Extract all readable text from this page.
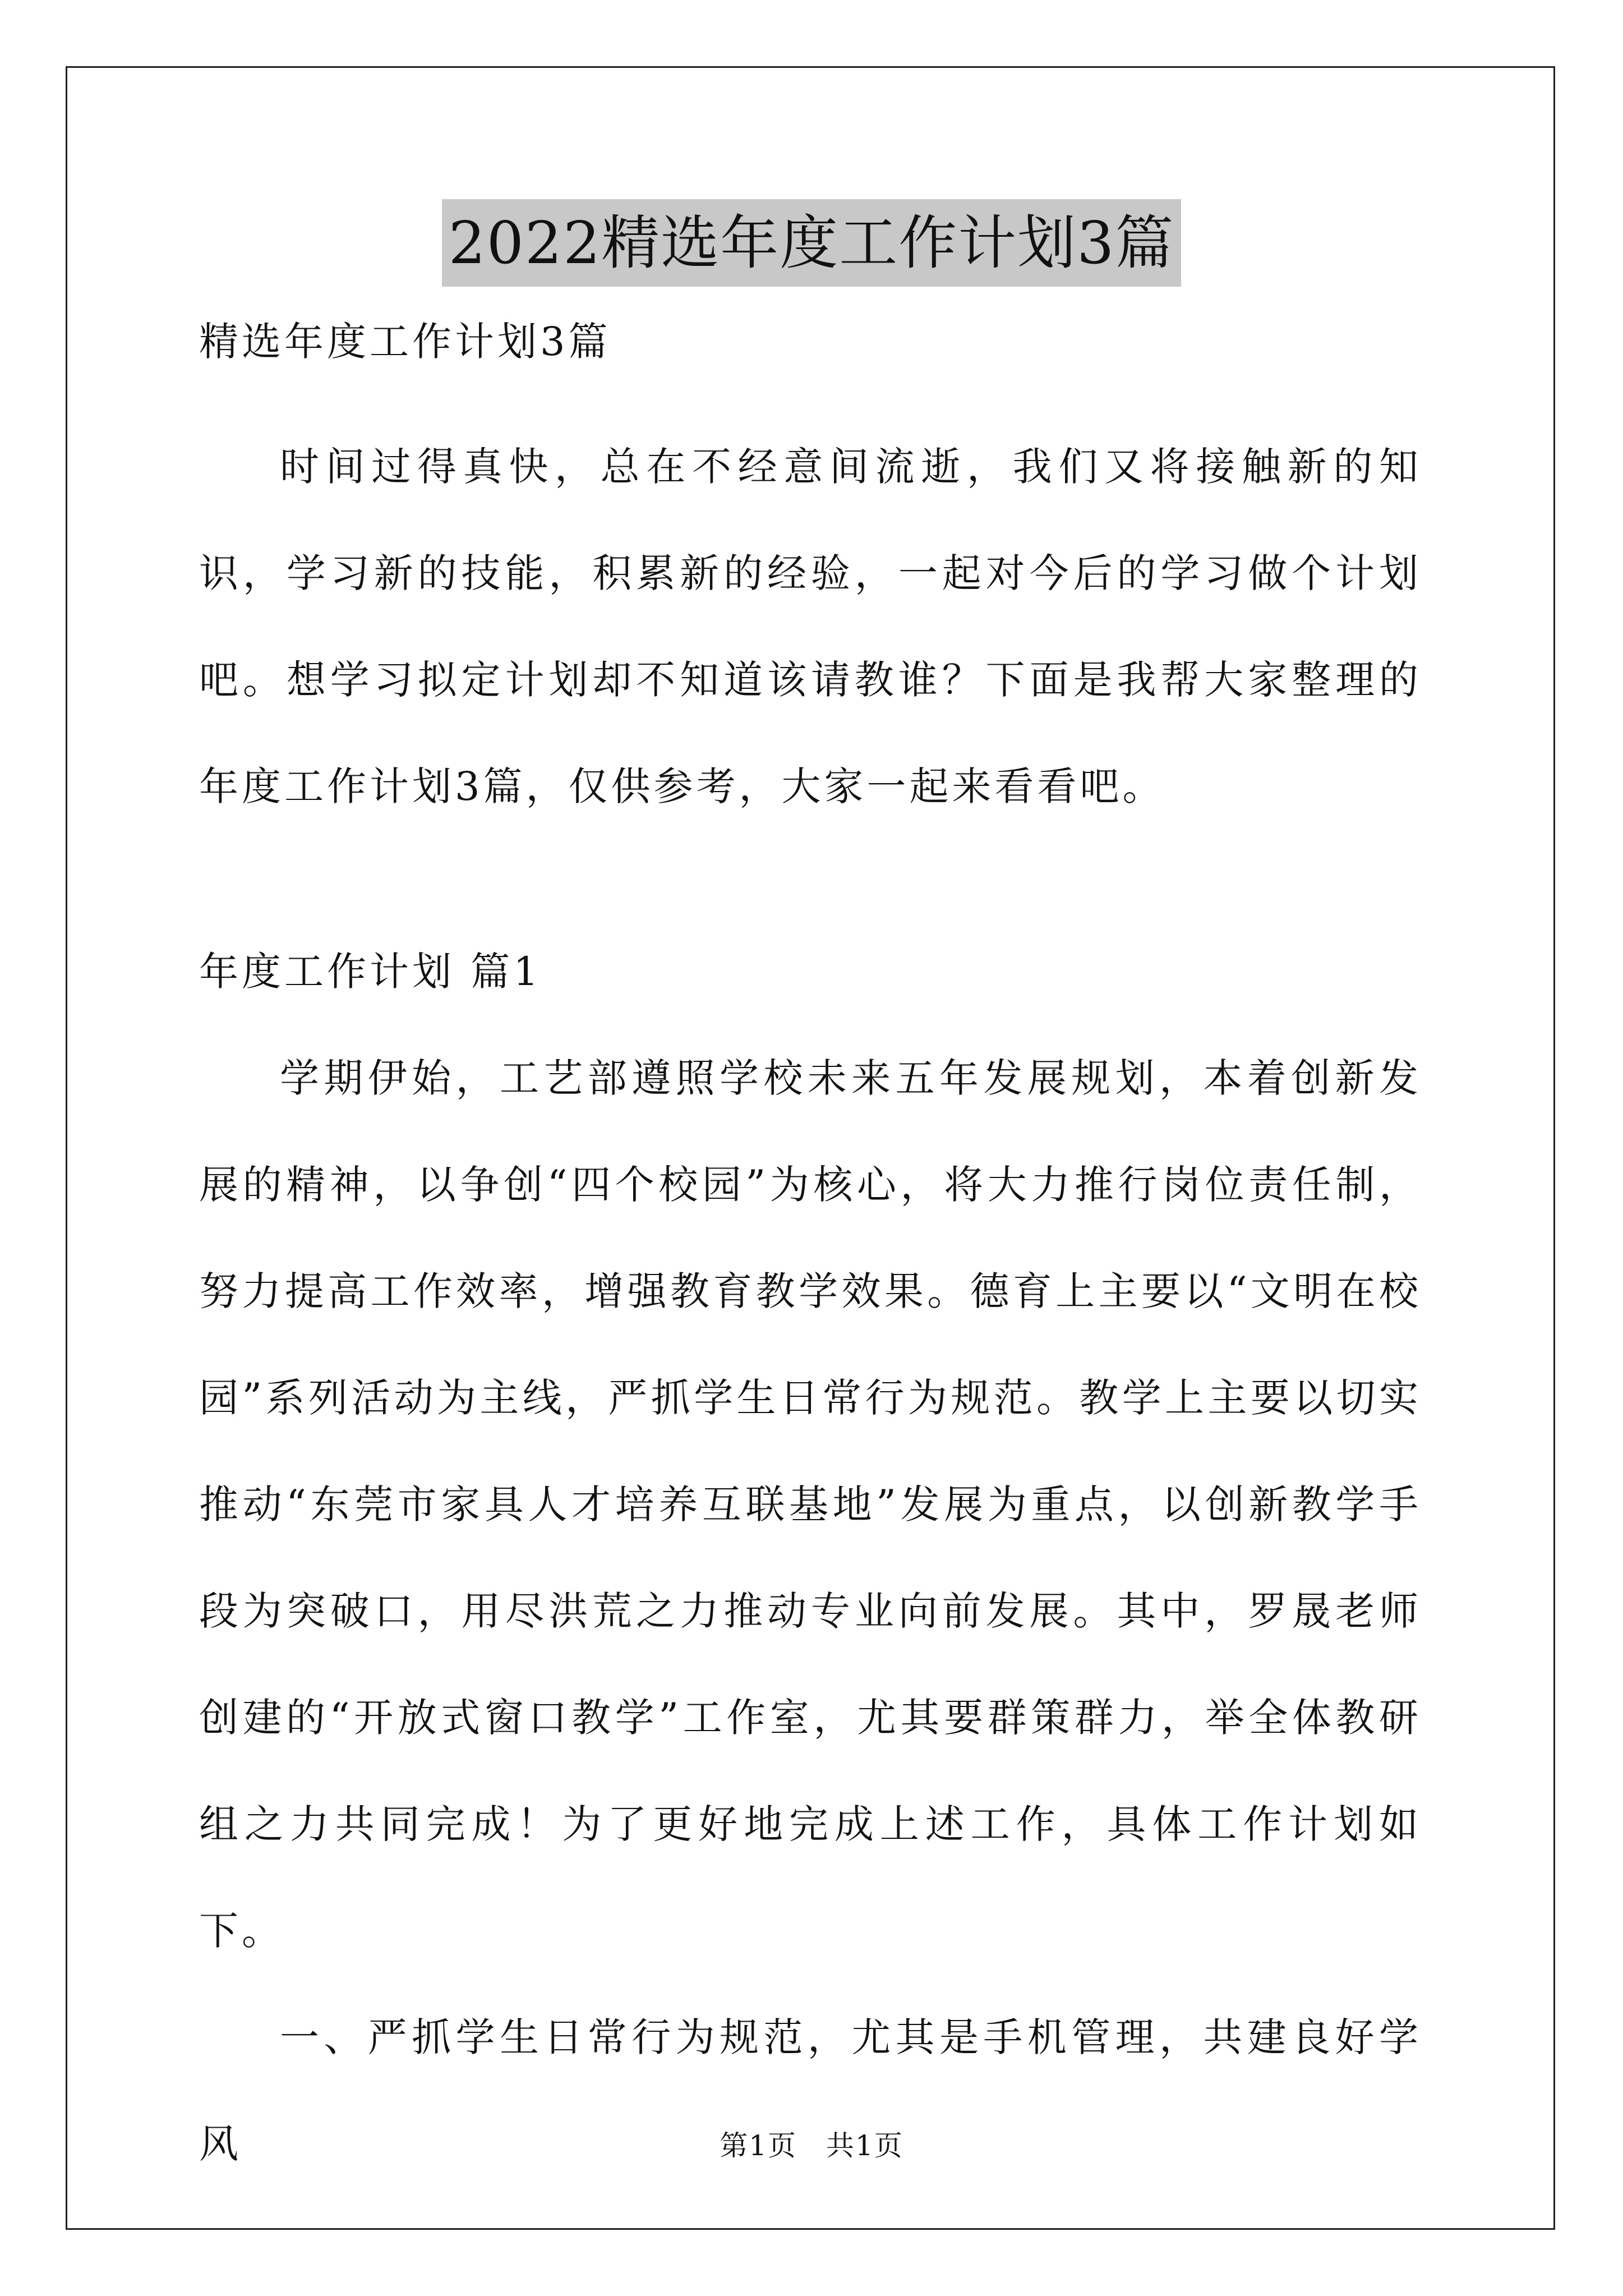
2022精选年度工作计划3篇

精选年度工作计划3篇

时间过得真快，总在不经意间流逝，我们又将接触新的知识，学习新的技能，积累新的经验，一起对今后的学习做个计划吧。想学习拟定计划却不知道该请教谁？下面是我帮大家整理的年度工作计划3篇，仅供参考，大家一起来看看吧。

年度工作计划 篇1

学期伊始，工艺部遵照学校未来五年发展规划，本着创新发展的精神，以争创“四个校园”为核心，将大力推行岗位责任制，努力提高工作效率，增强教育教学效果。德育上主要以“文明在校园”系列活动为主线，严抓学生日常行为规范。教学上主要以切实推动“东莞市家具人才培养互联基地”发展为重点，以创新教学手段为突破口，用尽洪荒之力推动专业向前发展。其中，罗晟老师创建的“开放式窗口教学”工作室，尤其要群策群力，举全体教研组之力共同完成！为了更好地完成上述工作，具体工作计划如下。

一、严抓学生日常行为规范，尤其是手机管理，共建良好学风	第1页　共1页
